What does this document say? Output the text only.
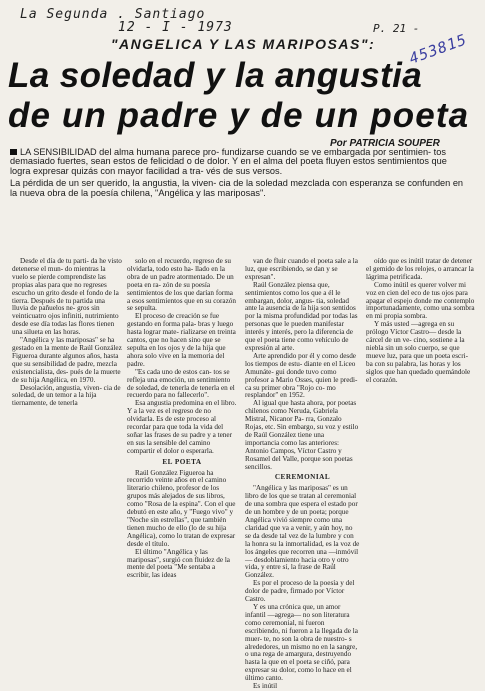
La Segunda . Santiago
12 - I - 1973	P. 21 -
453815
"ANGELICA Y LAS MARIPOSAS":
La soledad y la angustia
de un padre y de un poeta
Por PATRICIA SOUPER

LA SENSIBILIDAD del alma humana parece pro- fundizarse cuando se ve embargada por sentimien- tos demasiado fuertes, sean estos de felicidad o de dolor. Y en el alma del poeta fluyen estos sentimientos que logra expresar quizás con mayor facilidad a tra- vés de sus versos.

La pérdida de un ser querido, la angustia, la viven- cia de la soledad mezclada con esperanza se confunden en la nueva obra de la poesía chilena, "Angélica y las mariposas".

Desde el día de tu parti- da he visto detenerse el mun- do mientras la vuelo se pierde comprendiste las propias alas para que no regreses escucho un grito desde el fondo de la tierra. Después de tu partida una lluvia de pañuelos ne- gros sin veinticuatro ojos infiniti, nutrimiento desde ese día todas las flores tienen una silueta en las horas.

"Angélica y las mariposas" se ha gestado en la mente de Raúl González Figueroa durante algunos años, hasta que su sensibilidad de padre, mezcla existencialista, des- pués de la muerte de su hija Angélica, en 1970.

Desolación, angustia, viven- cia de soledad, de un temor a la hija tiernamente, de tenerla

solo en el recuerdo, regreso de su olvidarla, todo esto ha- llado en la obra de un padre atormentado. De un poeta en ra- zón de su poesía sentimientos de los que darían forma a esos sentimientos que en su corazón se sepulta.

El proceso de creación se fue gestando en forma pala- bras y luego hasta lograr mate- rializarse en treinta cantos, que no hacen sino que se sepulta en los ojos y de la hija que ahora solo vive en la memoria del padre.

"Es cada uno de estos can- tos se refleja una emoción, un sentimiento de soledad, de tenerla de tenerla en el recuerdo para no fallecerlo".

Esa angustia predomina en el libro. Y a la vez es el regreso de no olvidarla. Es de este proceso al recordar para que toda la vida del soñar las frases de su padre y a tener en sus la sensible del camino compartir el dolor o esperarla.

EL POETA

Raúl González Figueroa ha recorrido veinte años en el camino literario chileno, profesor de los grupos más alejados de sus libros, como "Rosa de la espina". Con el que debutó en este año, y "Fuego vivo" y "Noche sin estrellas", que también tienen mucho de ello (lo de su hija Angélica), como lo tratan de expresar desde el título.

El último "Angélica y las mariposas", surgió con fluidez de la mente del poeta "Me sentaba a escribir, las ideas

van de fluir cuando el poeta sale a la luz, que escribiendo, se dan y se expresan".

Raúl González piensa que, sentimientos como los que a él le embargan, dolor, angus- tia, soledad ante la ausencia de la hija son sentidos por la misma profundidad por todas las personas que le pueden manifestar interés y interés, pero la diferencia de que el poeta tiene como vehículo de expresión al arte.

Arte aprendido por él y como desde los tiempos de estu- diante en el Liceo Amunáte- gui donde tuvo como profesor a Mario Osses, quien le predi- ca su primer obra "Rojo co- mo resplandor" en 1952.

Al igual que hasta ahora, por poetas chilenos como Neruda, Gabriela Mistral, Nicanor Pa- rra, Gonzalo Rojas, etc. Sin embargo, su voz y estilo de Raúl González tiene una importancia como las anteriores: Antonio Campos, Víctor Castro y Rosamel del Valle, porque son poetas sencillos.

CEREMONIAL

"Angélica y las mariposas" es un libro de los que se tratan al ceremonial de una sombra que espera el estado por de un hombre y de un poeta; porque Angélica vivió siempre como una claridad que va a venir, y aún hoy, no se da desde tal vez de la lumbre y con la honra su la inmortalidad, es la voz de los ángeles que recorren una —inmóvil— desdoblamiento hacia otro y otro vida, y entre sí, la frase de Raúl González.

Es por el proceso de la poesía y del dolor de padre, firmado por Víctor Castro.

Y es una crónica que, un amor infantil —agrega— no son literatura como ceremonial, ni fueron escribiendo, ni fueron a la llegada de la muer- te, no son la obra de nuestro- s alrededores, un mismo no en la sangre, o una rega de amargura, destruyendo hasta la que en el poeta se ciñó, para expresar su dolor, como lo hace en el último canto.

Es inútil

oído que es inútil tratar de detener el gemido de los relojes, o arrancar la lágrima petrificada.

Como inútil es querer volver mi voz en cien del eco de tus ojos para apagar el espejo donde me contemplo importunadamente, como una sombra en mi propia sombra.

Y más usted —agrega en su prólogo Víctor Castro— desde la cárcel de un ve- cino, sostiene a la niebla sin un solo cuerpo, se que mueve luz, para que un poeta escri- ba con su palabra, las horas y los siglos que han quedado quemándole el corazón.
